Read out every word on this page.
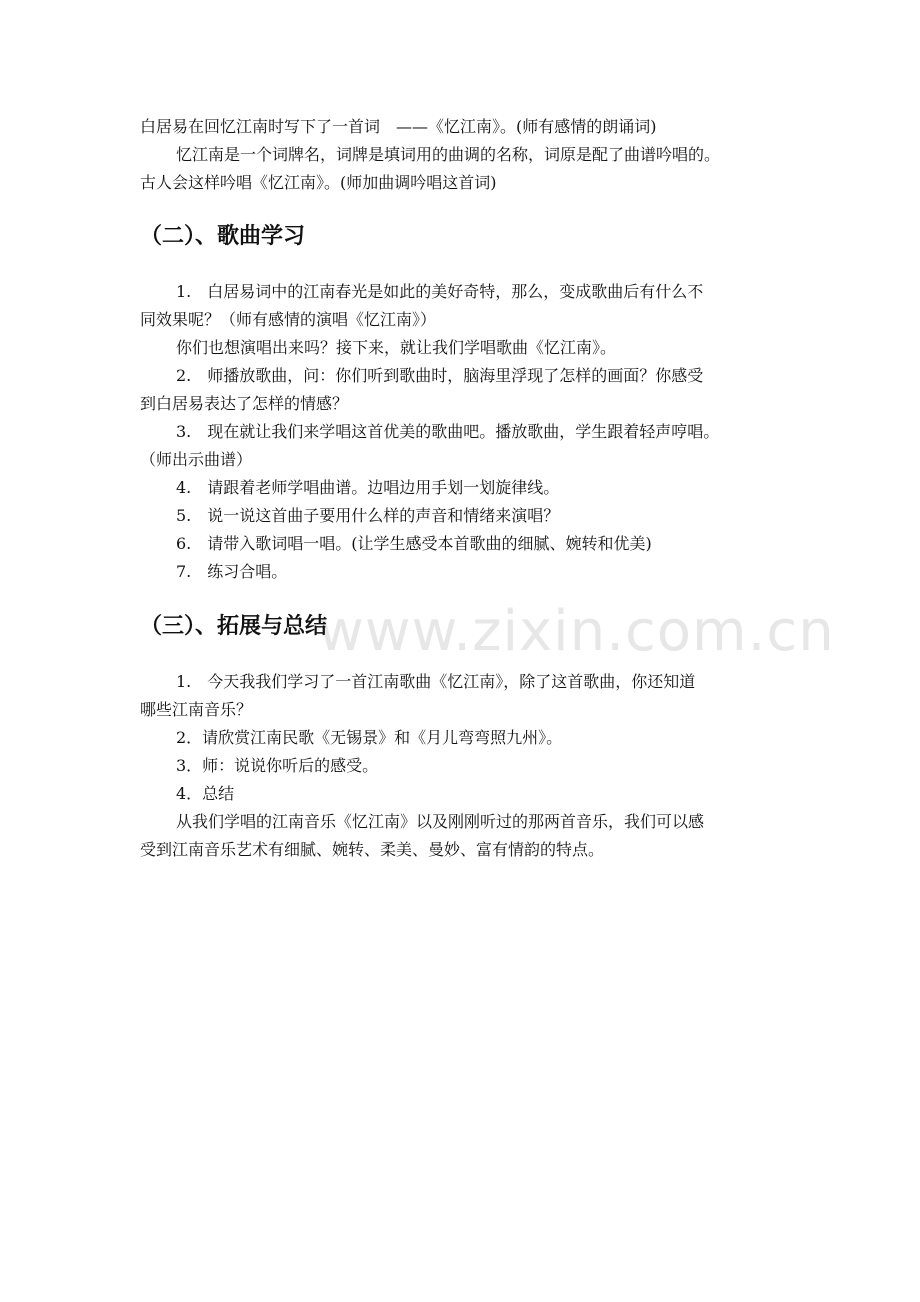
www.zixin.com.cn

白居易在回忆江南时写下了一首词　——《忆江南》。(师有感情的朗诵词)

忆江南是一个词牌名，词牌是填词用的曲调的名称，词原是配了曲谱吟唱的。

古人会这样吟唱《忆江南》。(师加曲调吟唱这首词)

（二）、歌曲学习

1.　白居易词中的江南春光是如此的美好奇特，那么，变成歌曲后有什么不

同效果呢？（师有感情的演唱《忆江南》）

你们也想演唱出来吗？接下来，就让我们学唱歌曲《忆江南》。

2.　师播放歌曲，问：你们听到歌曲时，脑海里浮现了怎样的画面？你感受

到白居易表达了怎样的情感？

3.　现在就让我们来学唱这首优美的歌曲吧。播放歌曲，学生跟着轻声哼唱。

（师出示曲谱）

4.　请跟着老师学唱曲谱。边唱边用手划一划旋律线。

5.　说一说这首曲子要用什么样的声音和情绪来演唱？

6.　请带入歌词唱一唱。(让学生感受本首歌曲的细腻、婉转和优美)

7.　练习合唱。

（三）、拓展与总结

1.　今天我我们学习了一首江南歌曲《忆江南》，除了这首歌曲，你还知道

哪些江南音乐？

2．请欣赏江南民歌《无锡景》和《月儿弯弯照九州》。

3．师：说说你听后的感受。

4．总结

从我们学唱的江南音乐《忆江南》以及刚刚听过的那两首音乐，我们可以感

受到江南音乐艺术有细腻、婉转、柔美、曼妙、富有情韵的特点。
